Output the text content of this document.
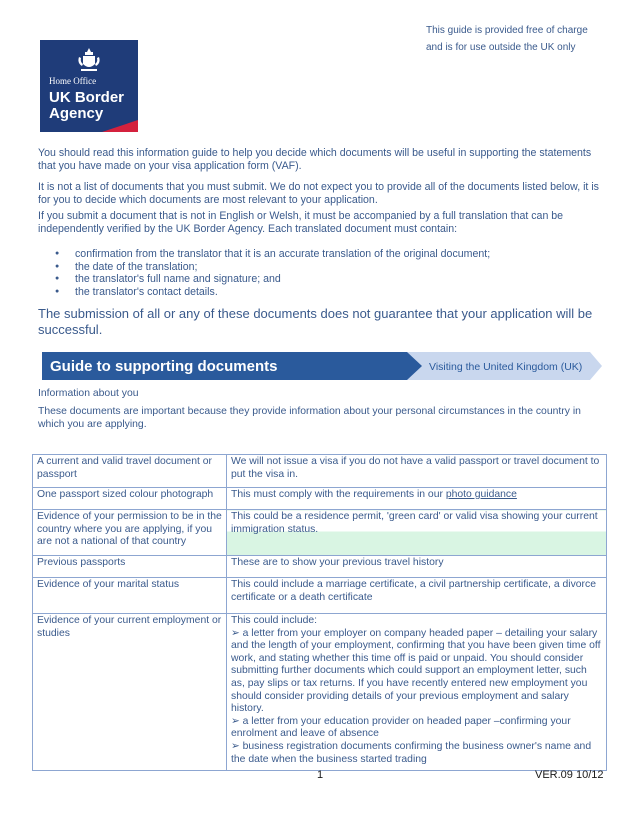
This guide is provided free of charge
and is for use outside the UK only
Home Office
UK Border
Agency

You should read this information guide to help you decide which documents will be useful in supporting the statements that you have made on your visa application form (VAF).

It is not a list of documents that you must submit. We do not expect you to provide all of the documents listed below, it is for you to decide which documents are most relevant to your application.

If you submit a document that is not in English or Welsh, it must be accompanied by a full translation that can be independently verified by the UK Border Agency. Each translated document must contain:

● confirmation from the translator that it is an accurate translation of the original document;
● the date of the translation;
● the translator's full name and signature; and
● the translator's contact details.
The submission of all or any of these documents does not guarantee that your application will be successful.
Guide to supporting documents	Visiting the United Kingdom (UK)
Information about you
These documents are important because they provide information about your personal circumstances in the country in which you are applying.
A current and valid travel document or passport	We will not issue a visa if you do not have a valid passport or travel document to put the visa in.
One passport sized colour photograph	This must comply with the requirements in our photo guidance
Evidence of your permission to be in the country where you are applying, if you are not a national of that country	This could be a residence permit, 'green card' or valid visa showing your current immigration status.
Previous passports	These are to show your previous travel history
Evidence of your marital status	This could include a marriage certificate, a civil partnership certificate, a divorce certificate or a death certificate
Evidence of your current employment or studies	This could include:
➢ a letter from your employer on company headed paper – detailing your salary and the length of your employment, confirming that you have been given time off work, and stating whether this time off is paid or unpaid. You should consider submitting further documents which could support an employment letter, such as, pay slips or tax returns. If you have recently entered new employment you should consider providing details of your previous employment and salary history.
➢ a letter from your education provider on headed paper –confirming your enrolment and leave of absence
➢ business registration documents confirming the business owner's name and the date when the business started trading
1	VER.09 10/12
